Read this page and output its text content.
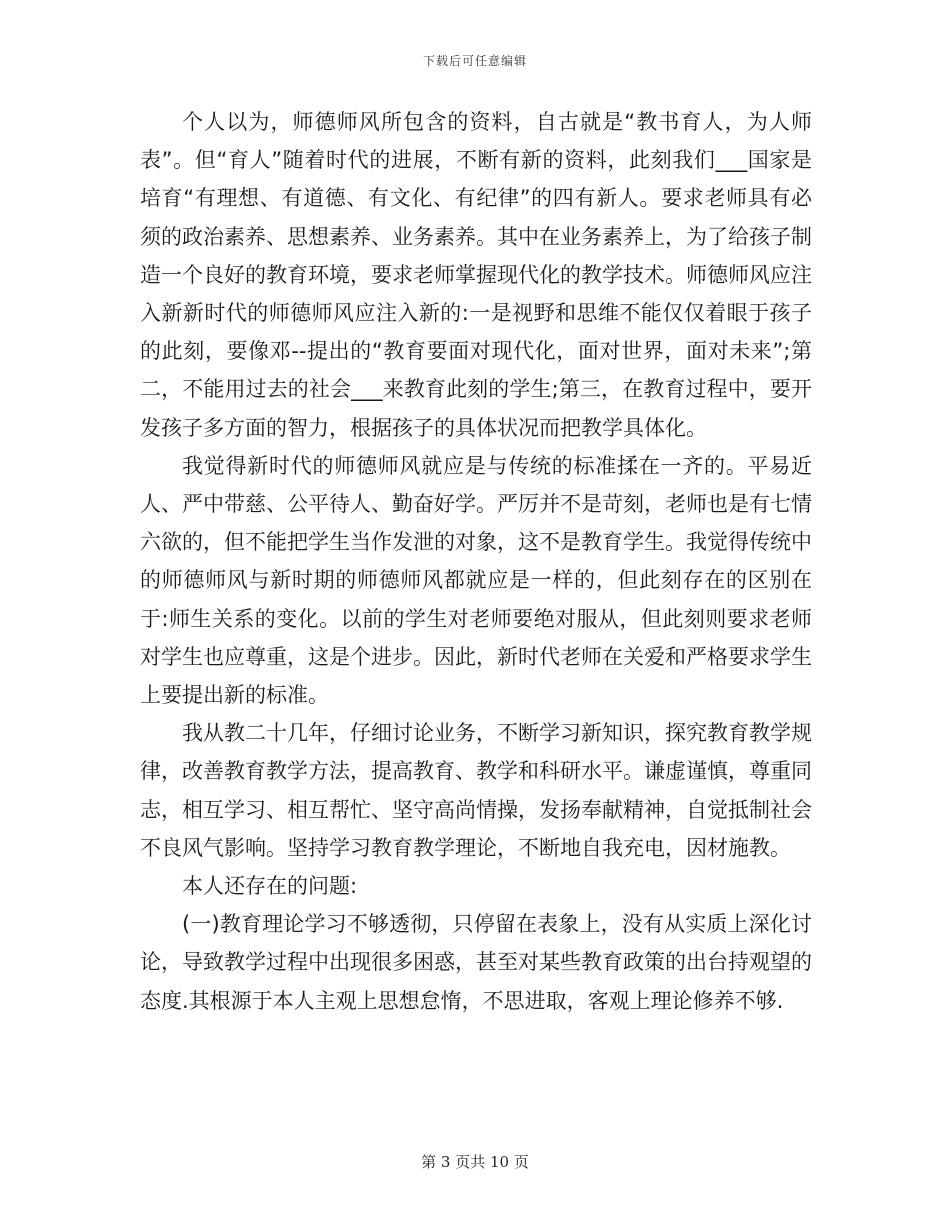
下载后可任意编辑

个人以为，师德师风所包含的资料，自古就是“教书育人，为人师表”。但“育人”随着时代的进展，不断有新的资料，此刻我们___国家是培育“有理想、有道德、有文化、有纪律”的四有新人。要求老师具有必须的政治素养、思想素养、业务素养。其中在业务素养上，为了给孩子制造一个良好的教育环境，要求老师掌握现代化的教学技术。师德师风应注入新新时代的师德师风应注入新的:一是视野和思维不能仅仅着眼于孩子的此刻，要像邓--提出的“教育要面对现代化，面对世界，面对未来”;第二，不能用过去的社会___来教育此刻的学生;第三，在教育过程中，要开发孩子多方面的智力，根据孩子的具体状况而把教学具体化。

我觉得新时代的师德师风就应是与传统的标准揉在一齐的。平易近人、严中带慈、公平待人、勤奋好学。严厉并不是苛刻，老师也是有七情六欲的，但不能把学生当作发泄的对象，这不是教育学生。我觉得传统中的师德师风与新时期的师德师风都就应是一样的，但此刻存在的区别在于:师生关系的变化。以前的学生对老师要绝对服从，但此刻则要求老师对学生也应尊重，这是个进步。因此，新时代老师在关爱和严格要求学生上要提出新的标准。

我从教二十几年，仔细讨论业务，不断学习新知识，探究教育教学规律，改善教育教学方法，提高教育、教学和科研水平。谦虚谨慎，尊重同志，相互学习、相互帮忙、坚守高尚情操，发扬奉献精神，自觉抵制社会不良风气影响。坚持学习教育教学理论，不断地自我充电，因材施教。

本人还存在的问题:

(一)教育理论学习不够透彻，只停留在表象上，没有从实质上深化讨论，导致教学过程中出现很多困惑，甚至对某些教育政策的出台持观望的态度.其根源于本人主观上思想怠惰，不思进取，客观上理论修养不够.

第 3 页共 10 页
